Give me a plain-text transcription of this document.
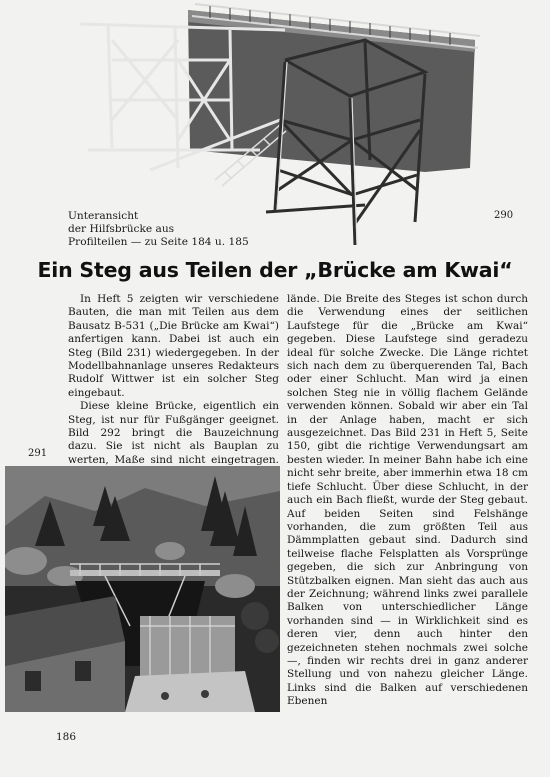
Unteransicht
der Hilfsbrücke aus
Profilteilen — zu Seite 184 u. 185
290
Ein Steg aus Teilen der „Brücke am Kwai“

In Heft 5 zeigten wir verschiedene Bauten, die man mit Teilen aus dem Bausatz B-531 („Die Brücke am Kwai“) anfertigen kann. Dabei ist auch ein Steg (Bild 231) wiedergegeben. In der Modellbahnanlage unseres Redakteurs Rudolf Wittwer ist ein solcher Steg eingebaut.

Diese kleine Brücke, eigentlich ein Steg, ist nur für Fußgänger geeignet. Bild 292 bringt die Bauzeichnung dazu. Sie ist nicht als Bauplan zu werten, Maße sind nicht eingetragen.

291

lände. Die Breite des Steges ist schon durch die Verwendung eines der seitlichen Laufstege für die „Brücke am Kwai“ gegeben. Diese Laufstege sind geradezu ideal für solche Zwecke. Die Länge richtet sich nach dem zu überquerenden Tal, Bach oder einer Schlucht. Man wird ja einen solchen Steg nie in völlig flachem Gelände verwenden können. Sobald wir aber ein Tal in der Anlage haben, macht er sich ausgezeichnet. Das Bild 231 in Heft 5, Seite 150, gibt die richtige Verwendungsart am besten wieder. In meiner Bahn habe ich eine nicht sehr breite, aber immerhin etwa 18 cm tiefe Schlucht. Über diese Schlucht, in der auch ein Bach fließt, wurde der Steg gebaut. Auf beiden Seiten sind Felshänge vorhanden, die zum größten Teil aus Dämmplatten gebaut sind. Dadurch sind teilweise flache Felsplatten als Vorsprünge gegeben, die sich zur Anbringung von Stützbalken eignen. Man sieht das auch aus der Zeichnung; während links zwei parallele Balken von unterschiedlicher Länge vorhanden sind — in Wirklichkeit sind es deren vier, denn auch hinter den gezeichneten stehen nochmals zwei solche —, finden wir rechts drei in ganz anderer Stellung und von nahezu gleicher Länge. Links sind die Balken auf verschiedenen Ebenen

186
